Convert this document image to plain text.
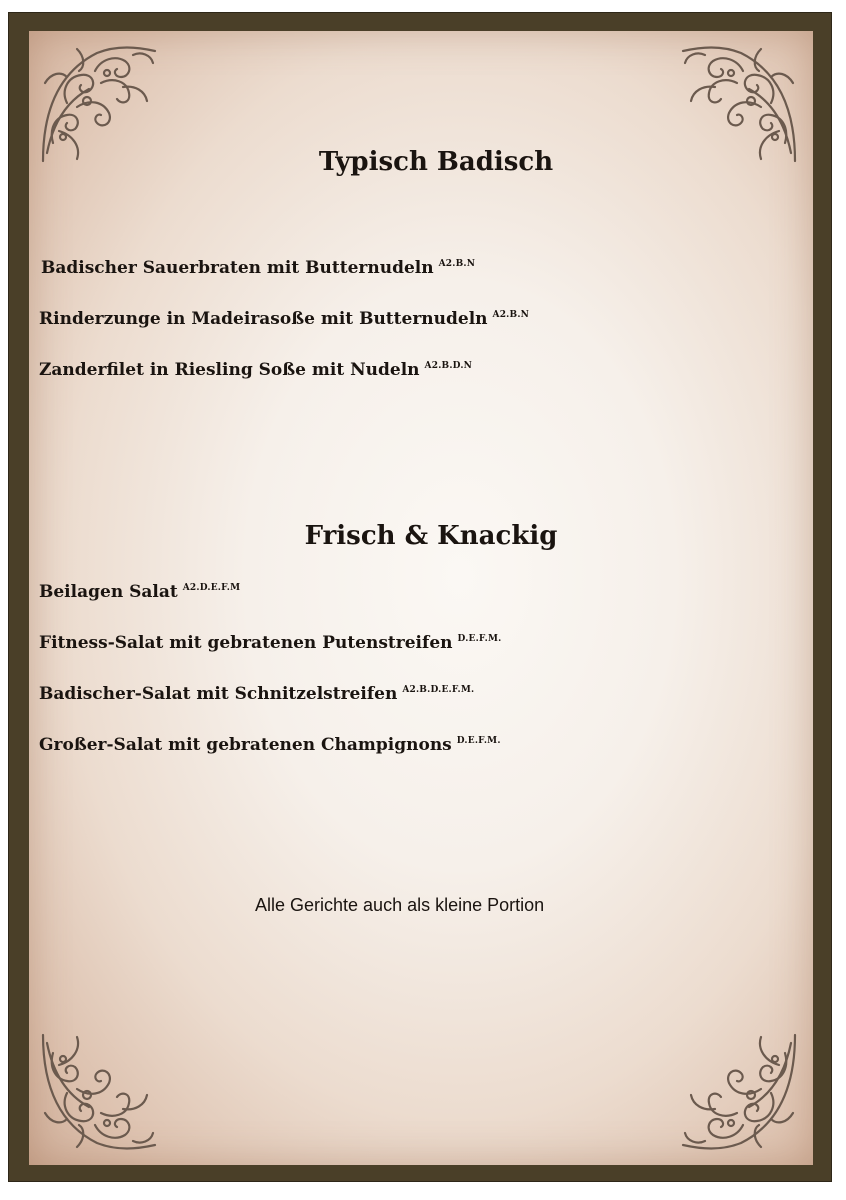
Typisch Badisch

Badischer Sauerbraten mit Butternudeln $^{A2.B.N}$

Rinderzunge in Madeirasoße mit Butternudeln $^{A2.B.N}$

Zanderfilet in Riesling Soße mit Nudeln $^{A2.B.D.N}$

Frisch & Knackig

Beilagen Salat $^{A2.D.E.F.M}$

Fitness-Salat mit gebratenen Putenstreifen $^{D.E.F.M.}$

Badischer-Salat mit Schnitzelstreifen $^{A2.B.D.E.F.M.}$

Großer-Salat mit gebratenen Champignons $^{D.E.F.M.}$

Alle Gerichte auch als kleine Portion
